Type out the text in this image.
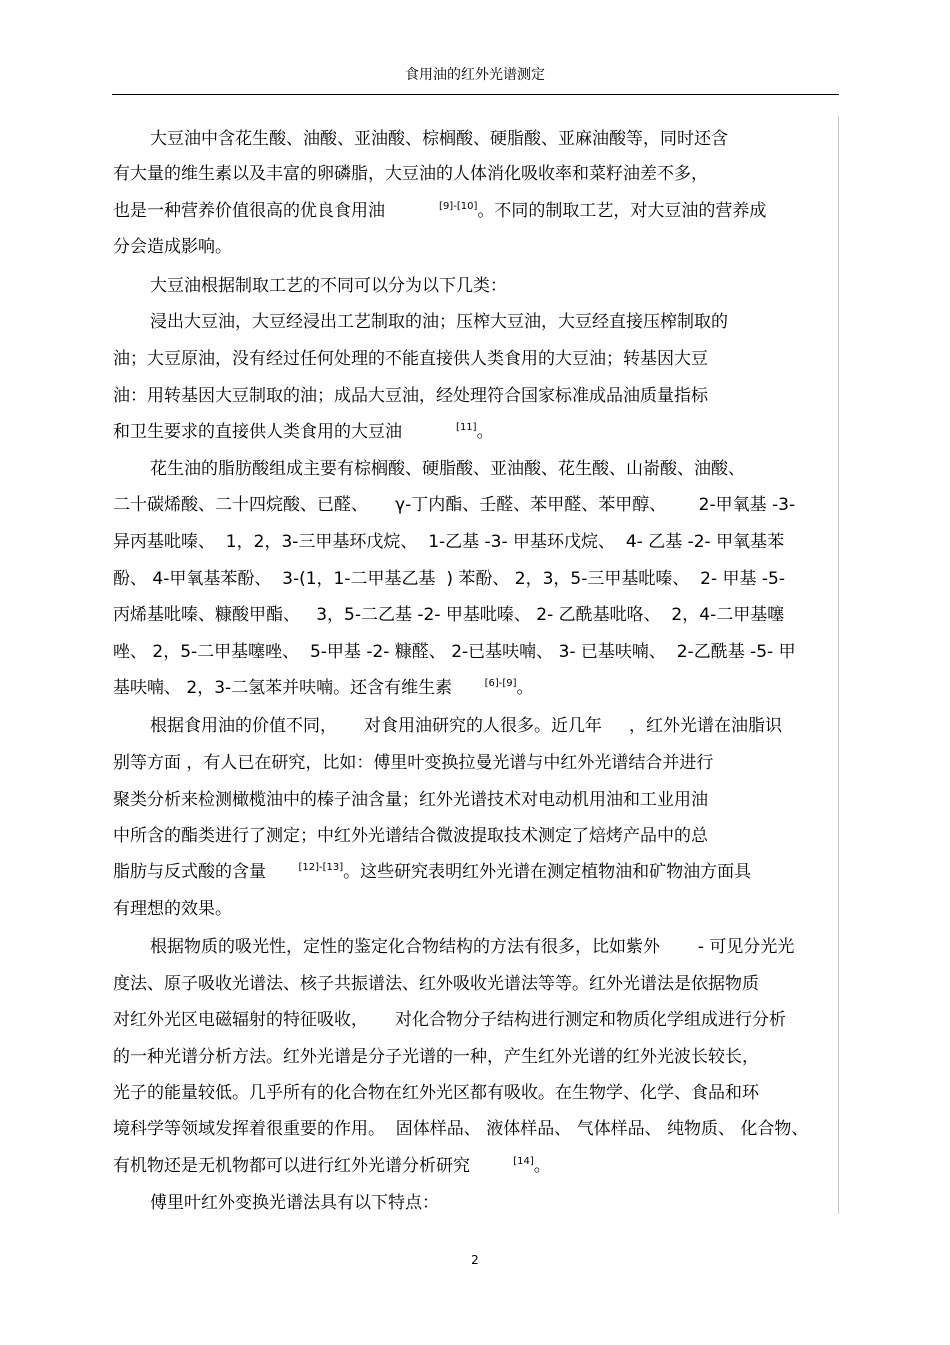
食用油的红外光谱测定
大豆油中含花生酸、油酸、亚油酸、棕榈酸、硬脂酸、亚麻油酸等，同时还含
有大量的维生素以及丰富的卵磷脂，大豆油的人体消化吸收率和菜籽油差不多，
也是一种营养价值很高的优良食用油          [9]-[10]。不同的制取工艺，对大豆油的营养成
分会造成影响。
大豆油根据制取工艺的不同可以分为以下几类：
浸出大豆油，大豆经浸出工艺制取的油；压榨大豆油，大豆经直接压榨制取的
油；大豆原油，没有经过任何处理的不能直接供人类食用的大豆油；转基因大豆
油：用转基因大豆制取的油；成品大豆油，经处理符合国家标准成品油质量指标
和卫生要求的直接供人类食用的大豆油          [11]。
花生油的脂肪酸组成主要有棕榈酸、硬脂酸、亚油酸、花生酸、山嵛酸、油酸、
二十碳烯酸、二十四烷酸、已醛、     γ-丁内酯、壬醛、苯甲醛、苯甲醇、      2-甲氧基 -3-
异丙基吡嗪、  1，2，3-三甲基环戊烷、  1-乙基 -3- 甲基环戊烷、  4- 乙基 -2- 甲氧基苯
酚、 4-甲氧基苯酚、  3-(1，1-二甲基乙基  ) 苯酚、 2，3，5-三甲基吡嗪、  2- 甲基 -5-
丙烯基吡嗪、糠酸甲酯、   3，5-二乙基 -2- 甲基吡嗪、 2- 乙酰基吡咯、  2，4-二甲基噻
唑、 2，5-二甲基噻唑、  5-甲基 -2- 糠醛、 2-已基呋喃、 3- 已基呋喃、  2-乙酰基 -5- 甲
基呋喃、 2，3-二氢苯并呋喃。还含有维生素      [6]-[9]。
根据食用油的价值不同，     对食用油研究的人很多。近几年     ，红外光谱在油脂识
别等方面 ，有人已在研究，比如：傅里叶变换拉曼光谱与中红外光谱结合并进行
聚类分析来检测橄榄油中的榛子油含量；红外光谱技术对电动机用油和工业用油
中所含的酯类进行了测定；中红外光谱结合微波提取技术测定了焙烤产品中的总
脂肪与反式酸的含量      [12]-[13]。这些研究表明红外光谱在测定植物油和矿物油方面具
有理想的效果。
根据物质的吸光性，定性的鉴定化合物结构的方法有很多，比如紫外       - 可见分光光
度法、原子吸收光谱法、核子共振谱法、红外吸收光谱法等等。红外光谱法是依据物质
对红外光区电磁辐射的特征吸收，     对化合物分子结构进行测定和物质化学组成进行分析
的一种光谱分析方法。红外光谱是分子光谱的一种，产生红外光谱的红外光波长较长，
光子的能量较低。几乎所有的化合物在红外光区都有吸收。在生物学、化学、食品和环
境科学等领域发挥着很重要的作用。  固体样品、 液体样品、 气体样品、 纯物质、 化合物、
有机物还是无机物都可以进行红外光谱分析研究        [14]。
傅里叶红外变换光谱法具有以下特点：
2
